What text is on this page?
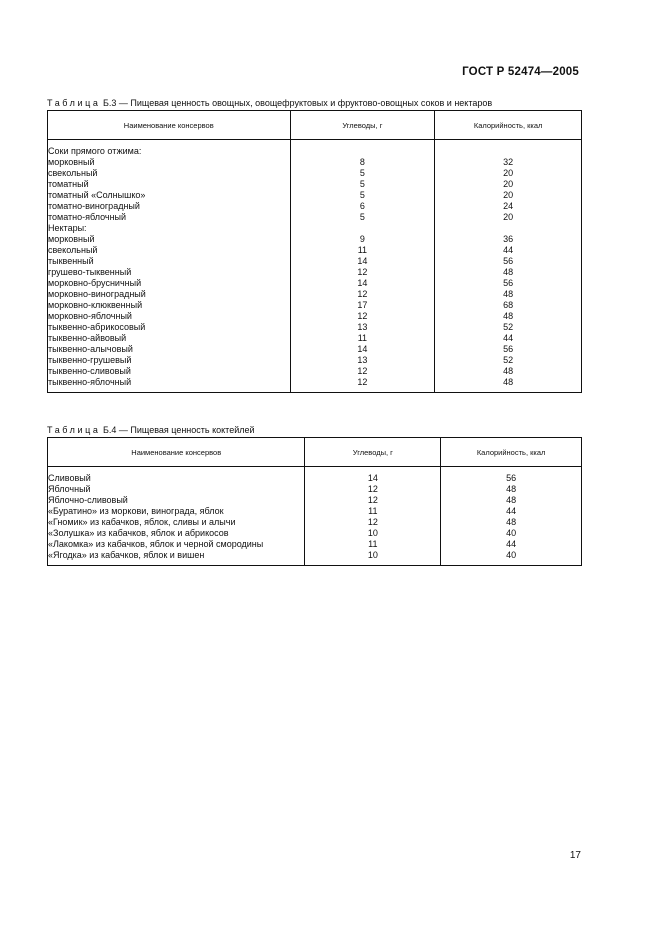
ГОСТ Р 52474—2005
Таблица Б.3 — Пищевая ценность овощных, овощефруктовых и фруктово-овощных соков и нектаров
Наименование консервов	Углеводы, г	Калорийность, ккал
Соки прямого отжима:		
морковный	8	32
свекольный	5	20
томатный	5	20
томатный «Солнышко»	5	20
томатно-виноградный	6	24
томатно-яблочный	5	20
Нектары:		
морковный	9	36
свекольный	11	44
тыквенный	14	56
грушево-тыквенный	12	48
морковно-брусничный	14	56
морковно-виноградный	12	48
морковно-клюквенный	17	68
морковно-яблочный	12	48
тыквенно-абрикосовый	13	52
тыквенно-айвовый	11	44
тыквенно-алычовый	14	56
тыквенно-грушевый	13	52
тыквенно-сливовый	12	48
тыквенно-яблочный	12	48
Таблица Б.4 — Пищевая ценность коктейлей
Наименование консервов	Углеводы, г	Калорийность, ккал
Сливовый	14	56
Яблочный	12	48
Яблочно-сливовый	12	48
«Буратино» из моркови, винограда, яблок	11	44
«Гномик» из кабачков, яблок, сливы и алычи	12	48
«Золушка» из кабачков, яблок и абрикосов	10	40
«Лакомка» из кабачков, яблок и черной смородины	11	44
«Ягодка» из кабачков, яблок и вишен	10	40
17
